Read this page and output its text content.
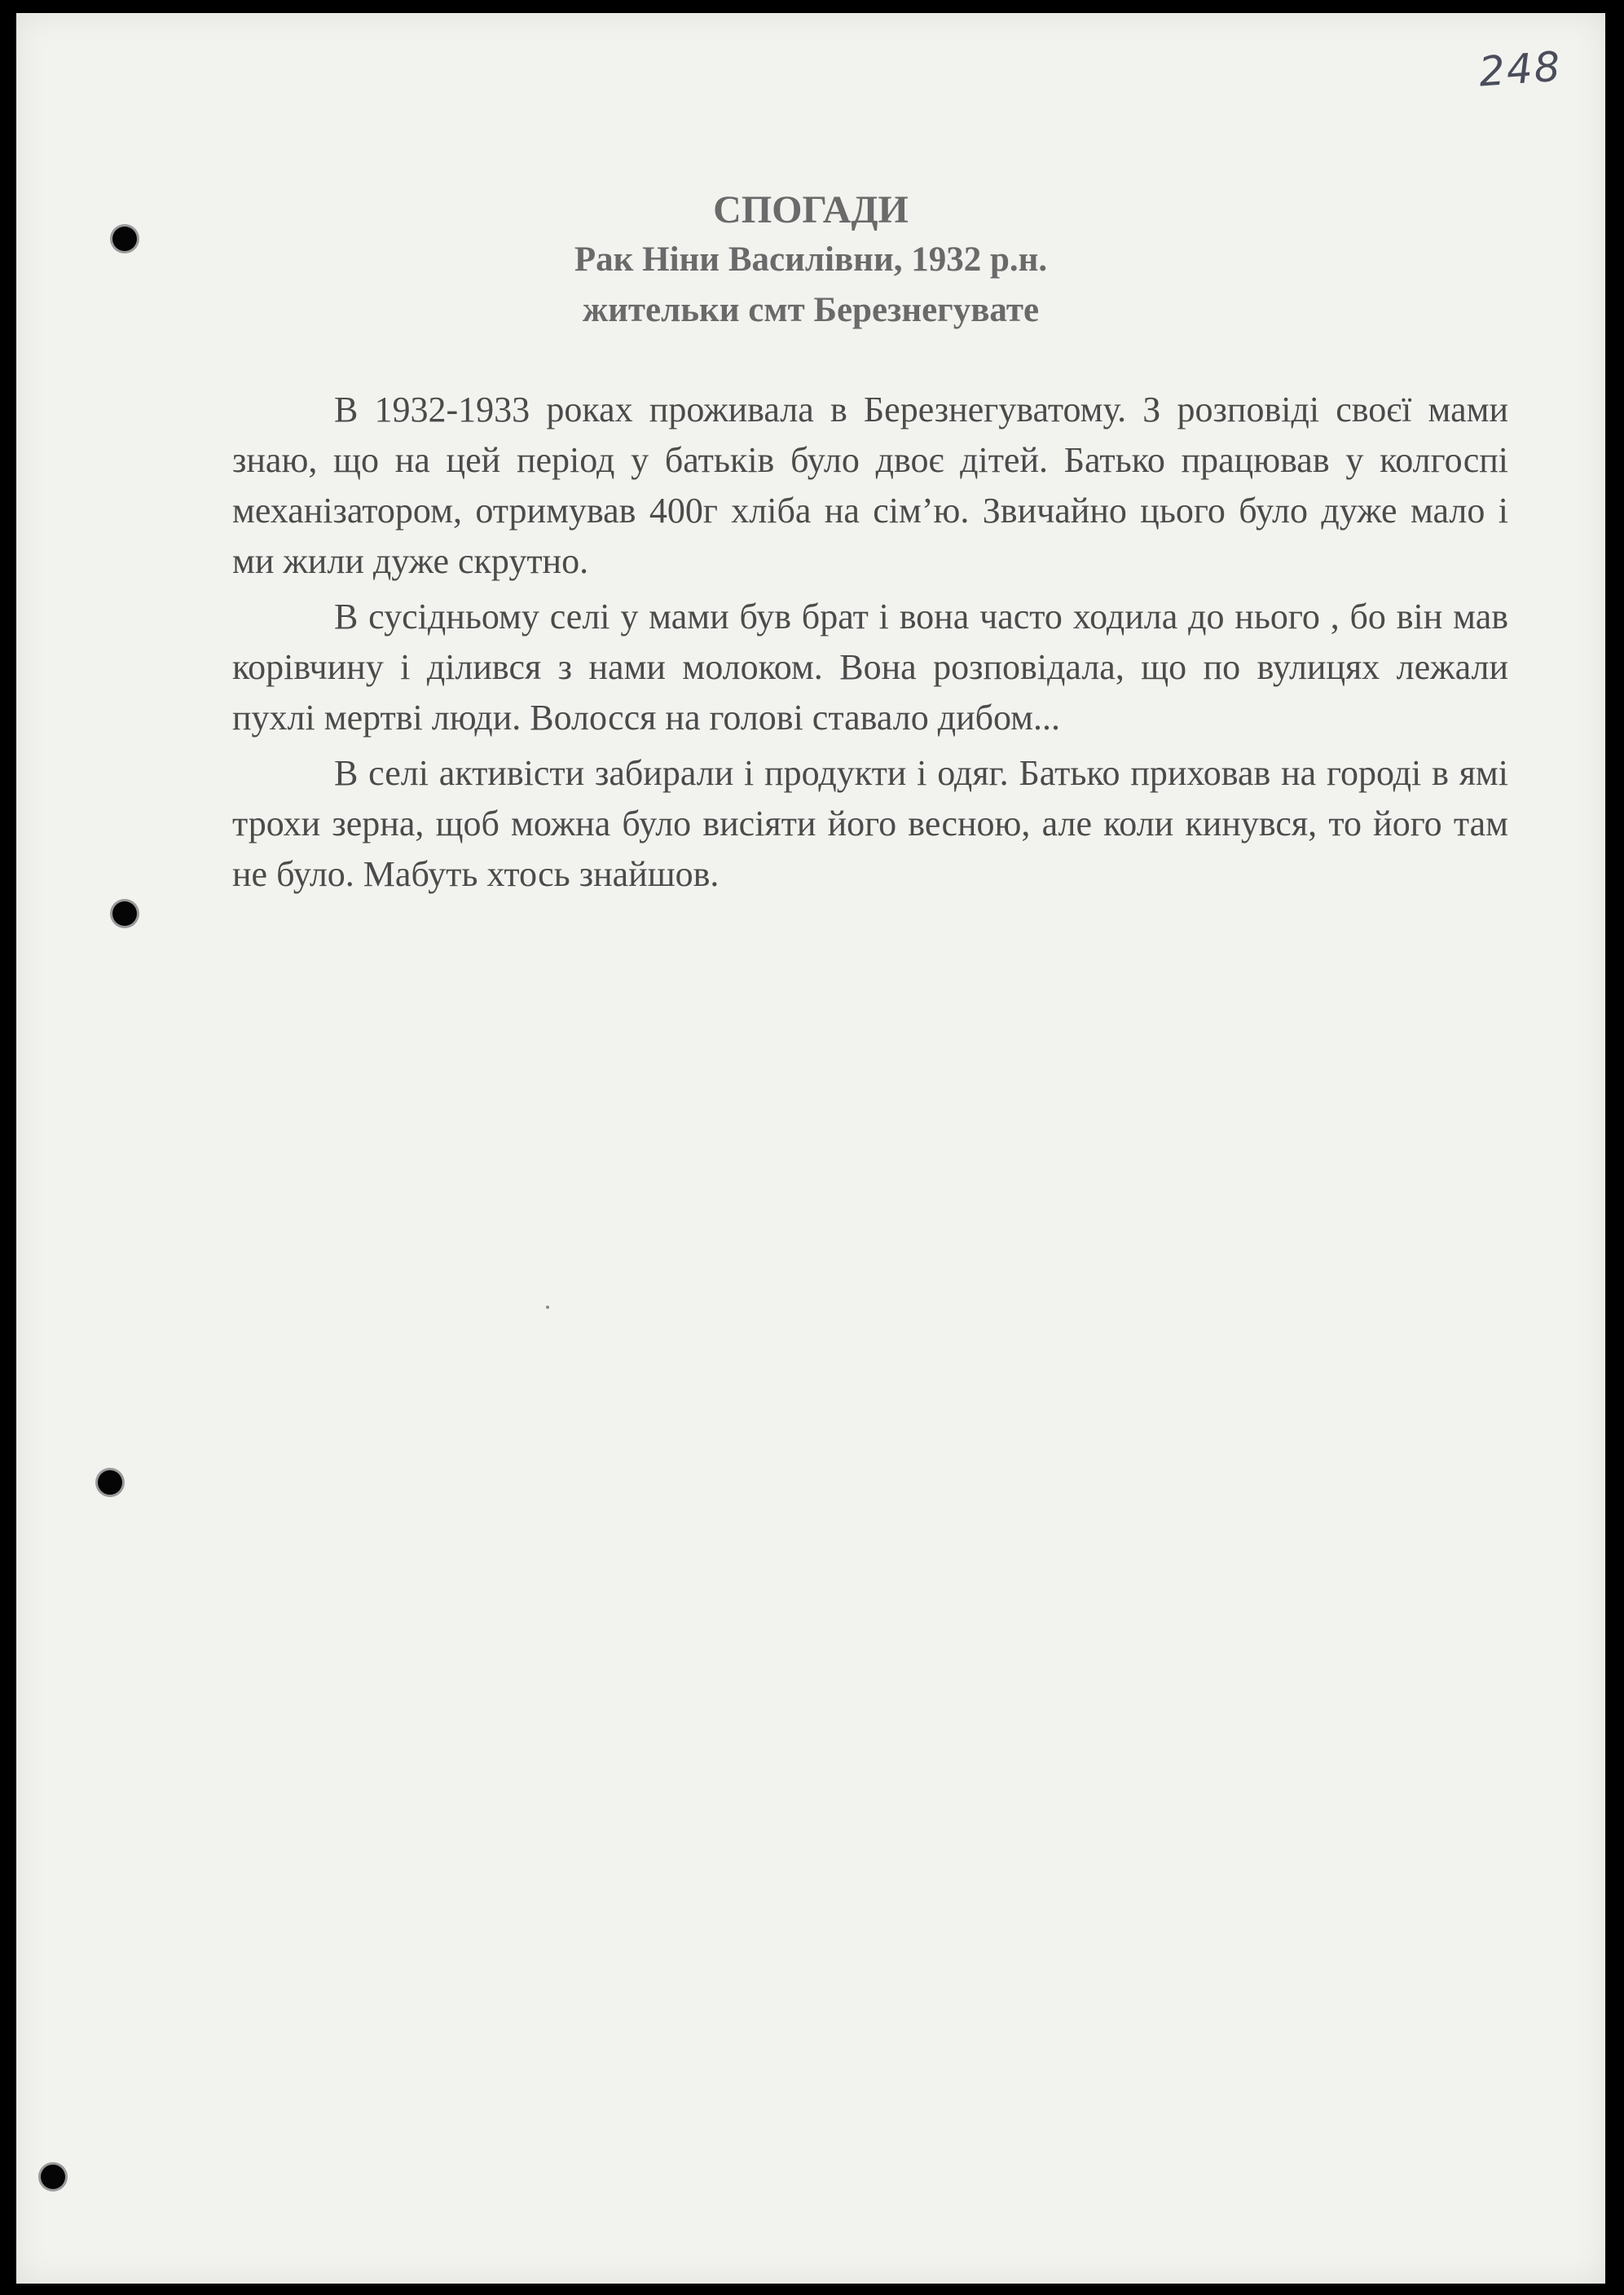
248
СПОГАДИ
Рак Ніни Василівни, 1932 р.н.
жительки смт Березнегувате

В 1932-1933 роках проживала в Березнегуватому. З розповіді своєї мами знаю, що на цей період у батьків було двоє дітей. Батько працював у колгоспі механізатором, отримував 400г хліба на сім’ю. Звичайно цього було дуже мало і ми жили дуже скрутно.

В сусідньому селі у мами був брат і вона часто ходила до нього , бо він мав корівчину і ділився з нами молоком. Вона розповідала, що по вулицях лежали пухлі мертві люди. Волосся на голові ставало дибом...

В селі активісти забирали і продукти і одяг. Батько приховав на городі в ямі трохи зерна, щоб можна було висіяти його весною, але коли кинувся, то його там не було. Мабуть хтось знайшов.
